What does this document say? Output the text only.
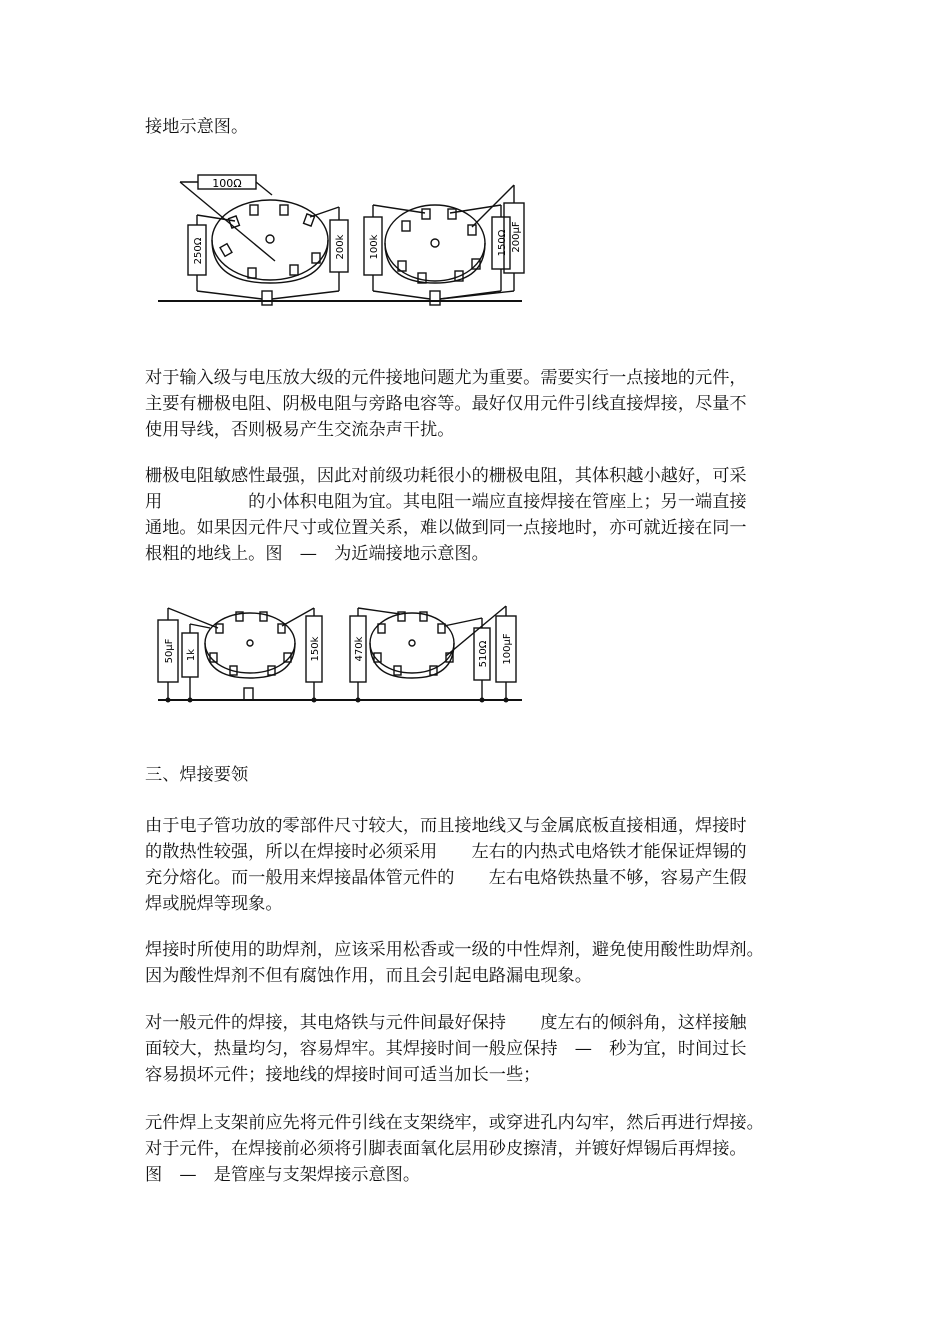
接地示意图。

100Ω
250Ω	200k 100k	150Ω 200μF
对于输入级与电压放大级的元件接地问题尤为重要。需要实行一点接地的元件，
主要有栅极电阻、阴极电阻与旁路电容等。最好仅用元件引线直接焊接，尽量不
使用导线，否则极易产生交流杂声干扰。
栅极电阻敏感性最强，因此对前级功耗很小的栅极电阻，其体积越小越好，可采
用　　　　　的小体积电阻为宜。其电阻一端应直接焊接在管座上；另一端直接
通地。如果因元件尺寸或位置关系，难以做到同一点接地时，亦可就近接在同一
根粗的地线上。图　—　为近端接地示意图。
50μF 1k	150k	470k	510Ω 100μF

三、焊接要领

由于电子管功放的零部件尺寸较大，而且接地线又与金属底板直接相通，焊接时
的散热性较强，所以在焊接时必须采用　　左右的内热式电烙铁才能保证焊锡的
充分熔化。而一般用来焊接晶体管元件的　　左右电烙铁热量不够，容易产生假
焊或脱焊等现象。
焊接时所使用的助焊剂，应该采用松香或一级的中性焊剂，避免使用酸性助焊剂。
因为酸性焊剂不但有腐蚀作用，而且会引起电路漏电现象。
对一般元件的焊接，其电烙铁与元件间最好保持　　度左右的倾斜角，这样接触
面较大，热量均匀，容易焊牢。其焊接时间一般应保持　—　秒为宜，时间过长
容易损坏元件；接地线的焊接时间可适当加长一些；
元件焊上支架前应先将元件引线在支架绕牢，或穿进孔内勾牢，然后再进行焊接。
对于元件，在焊接前必须将引脚表面氧化层用砂皮擦清，并镀好焊锡后再焊接。
图　—　是管座与支架焊接示意图。
